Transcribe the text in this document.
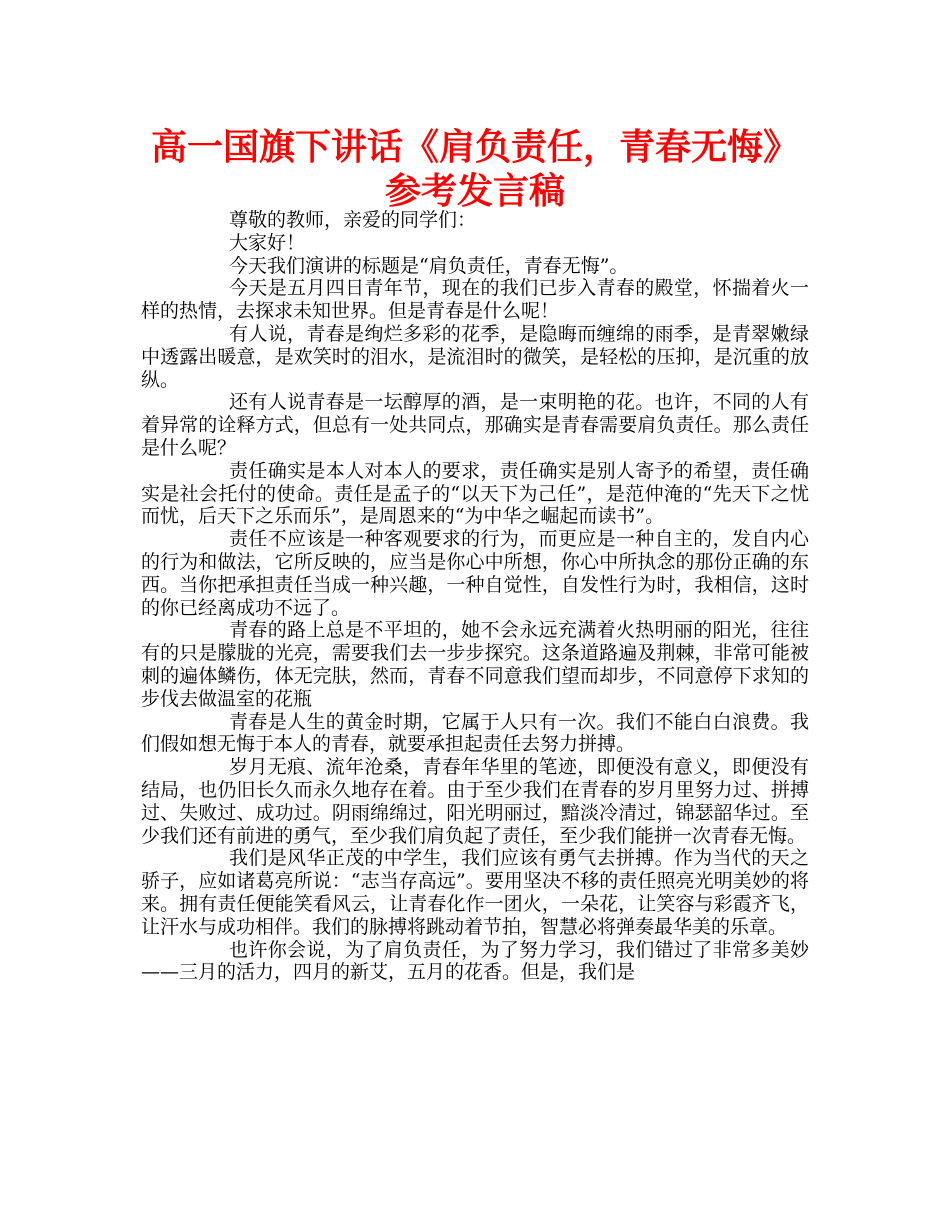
高一国旗下讲话《肩负责任，青春无悔》
参考发言稿

尊敬的教师，亲爱的同学们：

大家好！

今天我们演讲的标题是“肩负责任，青春无悔”。

今天是五月四日青年节，现在的我们已步入青春的殿堂，怀揣着火一样的热情，去探求未知世界。但是青春是什么呢！

有人说，青春是绚烂多彩的花季，是隐晦而缠绵的雨季，是青翠嫩绿中透露出暖意，是欢笑时的泪水，是流泪时的微笑，是轻松的压抑，是沉重的放纵。

还有人说青春是一坛醇厚的酒，是一束明艳的花。也许，不同的人有着异常的诠释方式，但总有一处共同点，那确实是青春需要肩负责任。那么责任是什么呢？

责任确实是本人对本人的要求，责任确实是别人寄予的希望，责任确实是社会托付的使命。责任是孟子的“以天下为己任”，是范仲淹的“先天下之忧而忧，后天下之乐而乐”，是周恩来的“为中华之崛起而读书”。

责任不应该是一种客观要求的行为，而更应是一种自主的，发自内心的行为和做法，它所反映的，应当是你心中所想，你心中所执念的那份正确的东西。当你把承担责任当成一种兴趣，一种自觉性，自发性行为时，我相信，这时的你已经离成功不远了。

青春的路上总是不平坦的，她不会永远充满着火热明丽的阳光，往往有的只是朦胧的光亮，需要我们去一步步探究。这条道路遍及荆棘，非常可能被刺的遍体鳞伤，体无完肤，然而，青春不同意我们望而却步，不同意停下求知的步伐去做温室的花瓶

青春是人生的黄金时期，它属于人只有一次。我们不能白白浪费。我们假如想无悔于本人的青春，就要承担起责任去努力拼搏。

岁月无痕、流年沧桑，青春年华里的笔迹，即便没有意义，即便没有结局，也仍旧长久而永久地存在着。由于至少我们在青春的岁月里努力过、拼搏过、失败过、成功过。阴雨绵绵过，阳光明丽过，黯淡冷清过，锦瑟韶华过。至少我们还有前进的勇气，至少我们肩负起了责任，至少我们能拼一次青春无悔。

我们是风华正茂的中学生，我们应该有勇气去拼搏。作为当代的天之骄子，应如诸葛亮所说：“志当存高远”。要用坚决不移的责任照亮光明美妙的将来。拥有责任便能笑看风云，让青春化作一团火，一朵花，让笑容与彩霞齐飞，让汗水与成功相伴。我们的脉搏将跳动着节拍，智慧必将弹奏最华美的乐章。

也许你会说，为了肩负责任，为了努力学习，我们错过了非常多美妙——三月的活力，四月的新艾，五月的花香。但是，我们是
